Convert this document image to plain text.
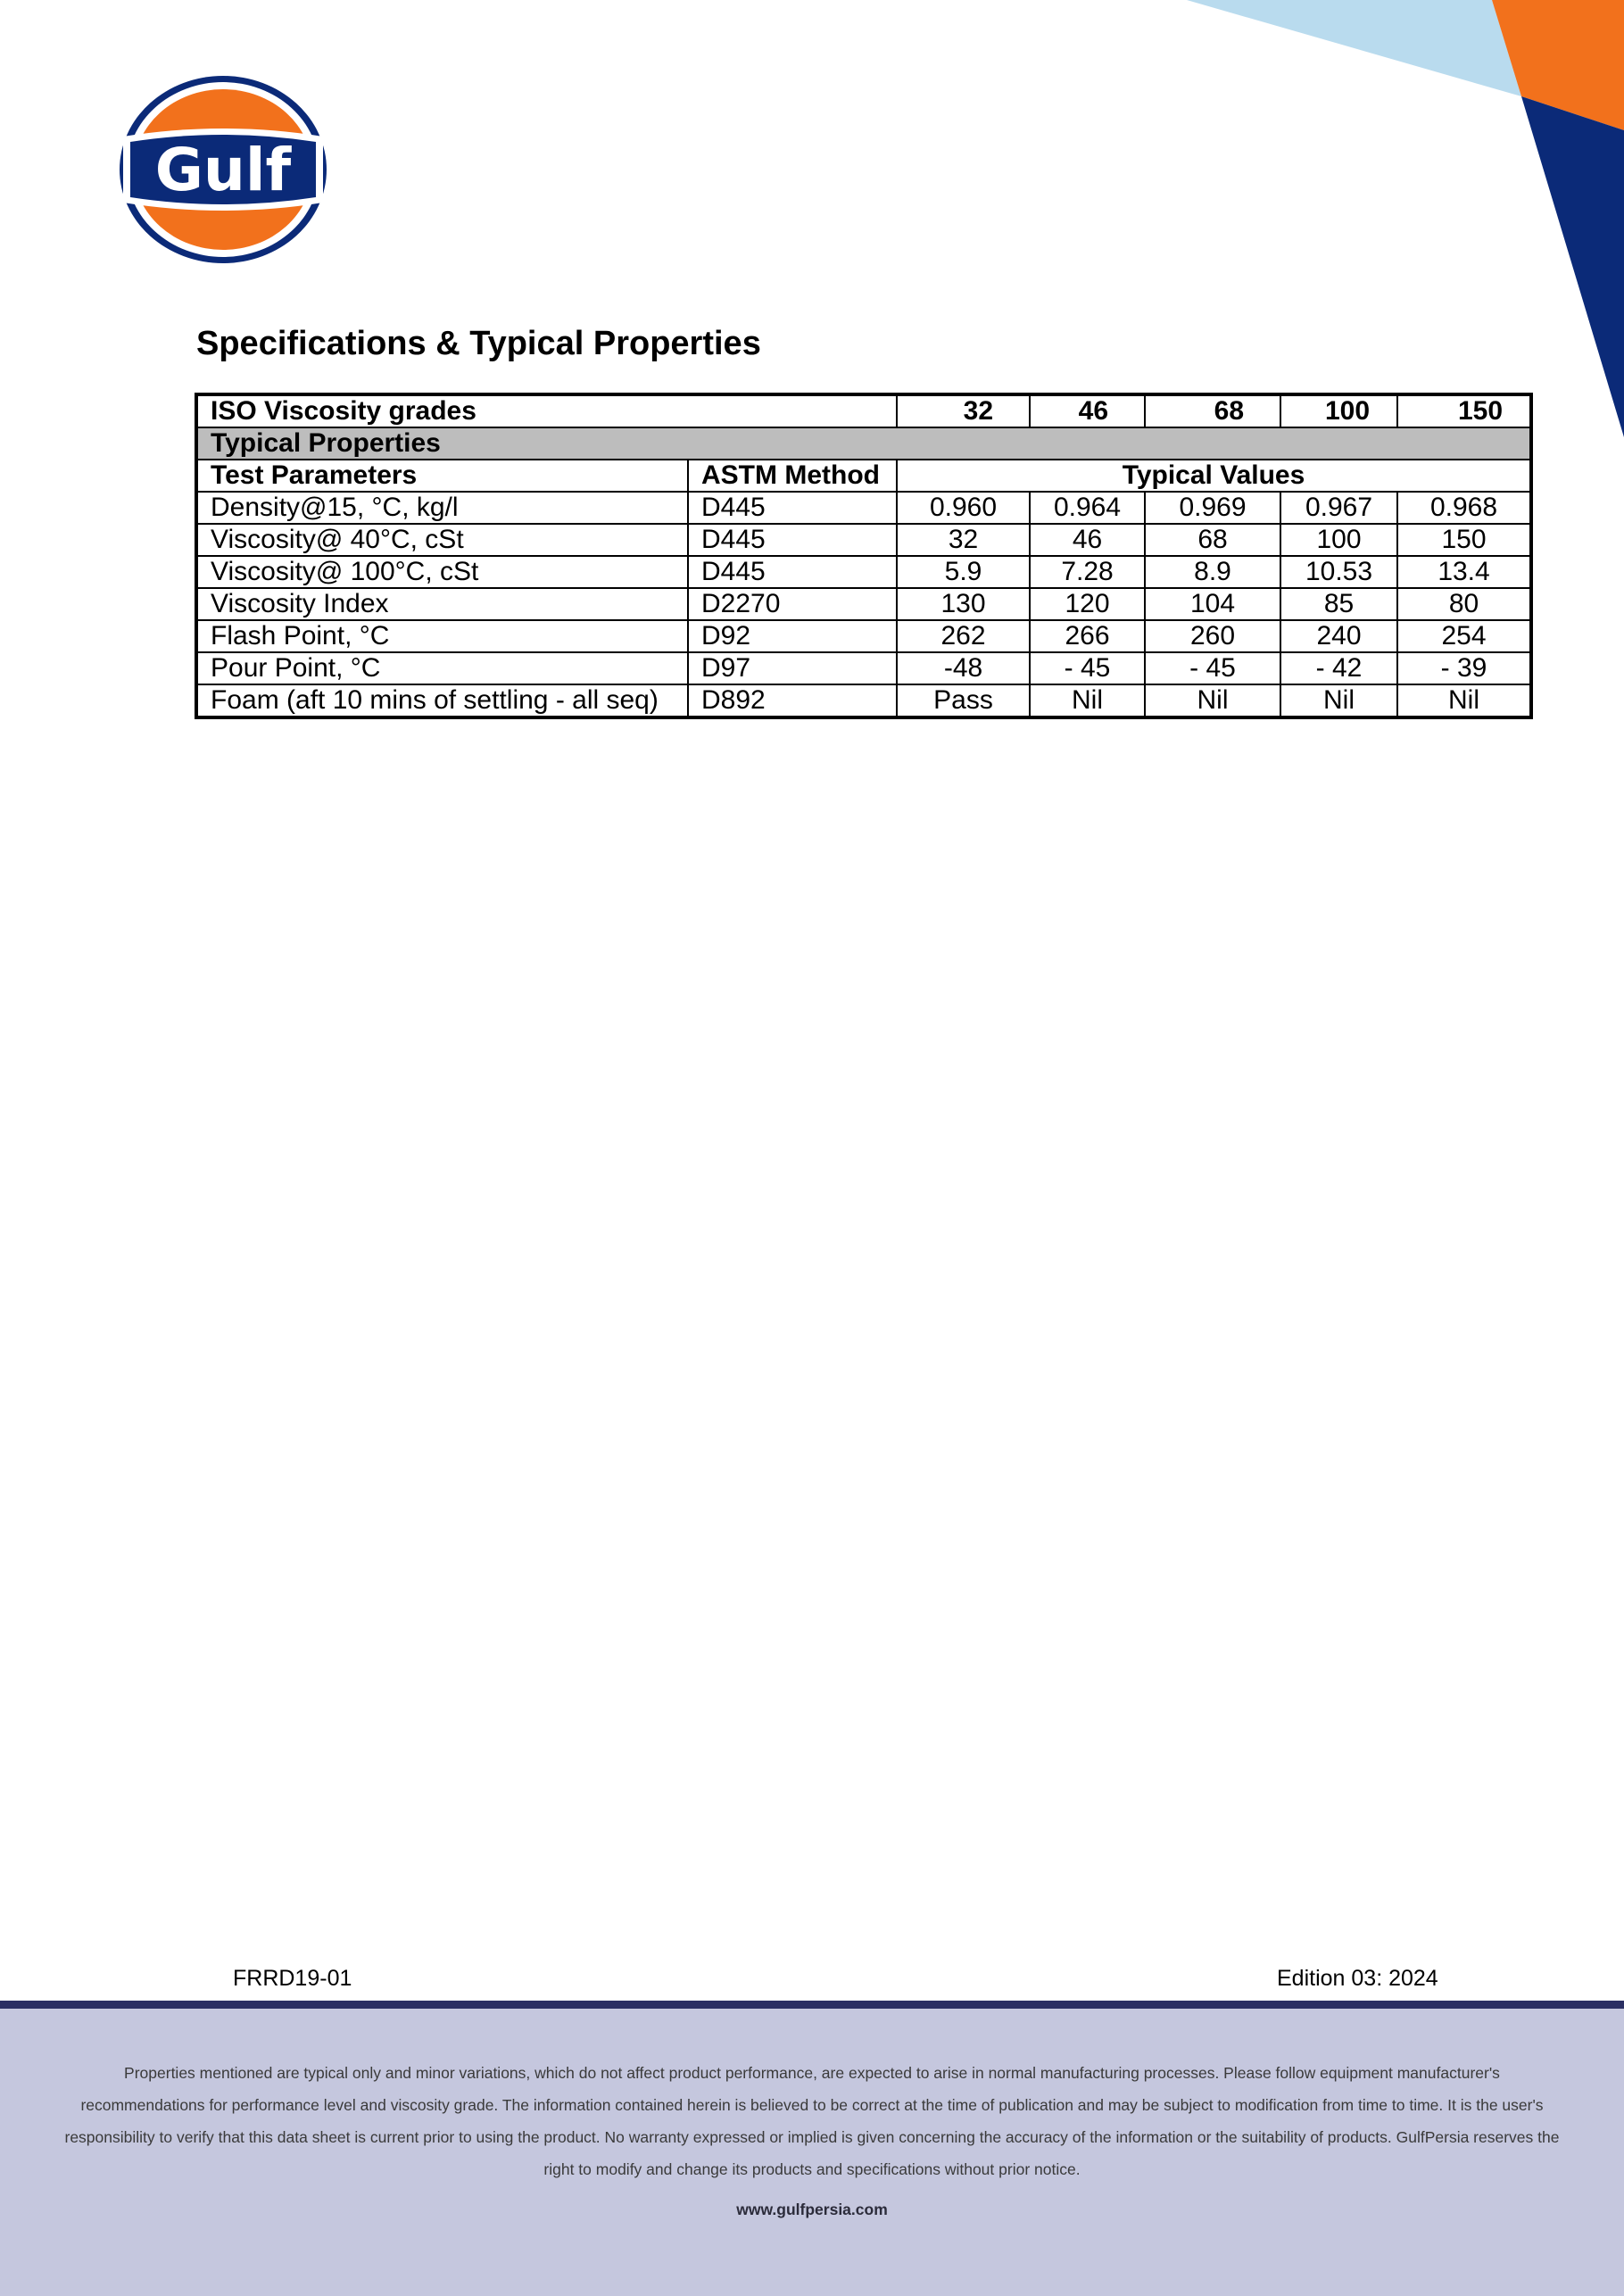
Gulf
Specifications & Typical Properties
ISO Viscosity grades		32	46	68	100	150
Typical Properties						
Test Parameters	ASTM Method	Typical Values				
Density@15, °C, kg/l	D445	0.960	0.964	0.969	0.967	0.968
Viscosity@ 40°C, cSt	D445	32	46	68	100	150
Viscosity@ 100°C, cSt	D445	5.9	7.28	8.9	10.53	13.4
Viscosity Index	D2270	130	120	104	85	80
Flash Point, °C	D92	262	266	260	240	254
Pour Point, °C	D97	-48	- 45	- 45	- 42	- 39
Foam (aft 10 mins of settling - all seq)	D892	Pass	Nil	Nil	Nil	Nil
FRRD19-01	Edition 03: 2024

Properties mentioned are typical only and minor variations, which do not affect product performance, are expected to arise in normal manufacturing processes. Please follow equipment manufacturer's recommendations for performance level and viscosity grade. The information contained herein is believed to be correct at the time of publication and may be subject to modification from time to time. It is the user's responsibility to verify that this data sheet is current prior to using the product. No warranty expressed or implied is given concerning the accuracy of the information or the suitability of products. GulfPersia reserves the right to modify and change its products and specifications without prior notice.

www.gulfpersia.com
